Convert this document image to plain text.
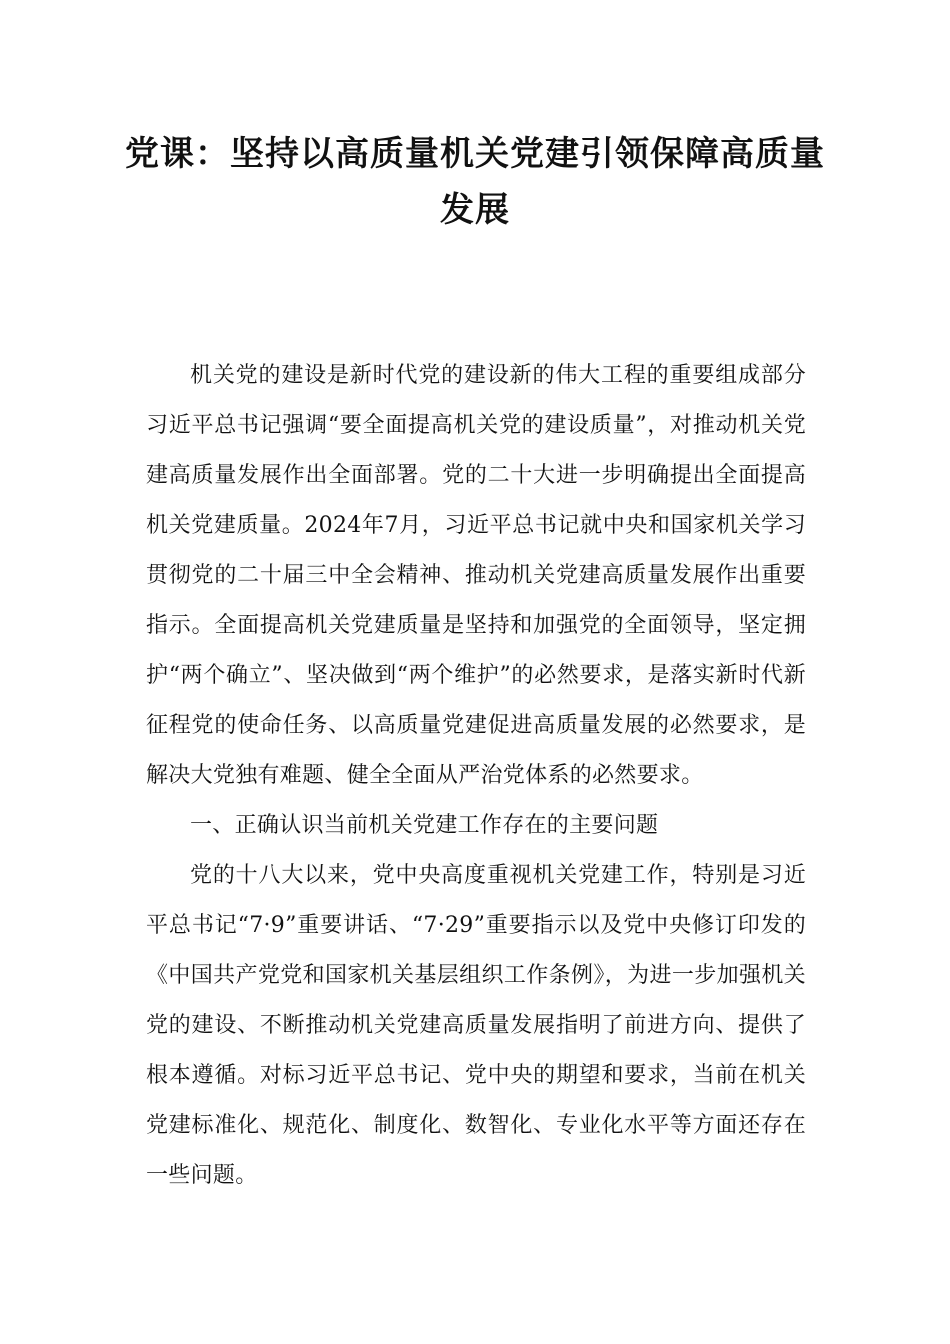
党课：坚持以高质量机关党建引领保障高质量发展

机关党的建设是新时代党的建设新的伟大工程的重要组成部分习近平总书记强调“要全面提高机关党的建设质量”，对推动机关党建高质量发展作出全面部署。党的二十大进一步明确提出全面提高机关党建质量。2024年7月，习近平总书记就中央和国家机关学习贯彻党的二十届三中全会精神、推动机关党建高质量发展作出重要指示。全面提高机关党建质量是坚持和加强党的全面领导，坚定拥护“两个确立”、坚决做到“两个维护”的必然要求，是落实新时代新征程党的使命任务、以高质量党建促进高质量发展的必然要求，是解决大党独有难题、健全全面从严治党体系的必然要求。

一、正确认识当前机关党建工作存在的主要问题

党的十八大以来，党中央高度重视机关党建工作，特别是习近平总书记“7·9”重要讲话、“7·29”重要指示以及党中央修订印发的《中国共产党党和国家机关基层组织工作条例》，为进一步加强机关党的建设、不断推动机关党建高质量发展指明了前进方向、提供了根本遵循。对标习近平总书记、党中央的期望和要求，当前在机关党建标准化、规范化、制度化、数智化、专业化水平等方面还存在一些问题。
